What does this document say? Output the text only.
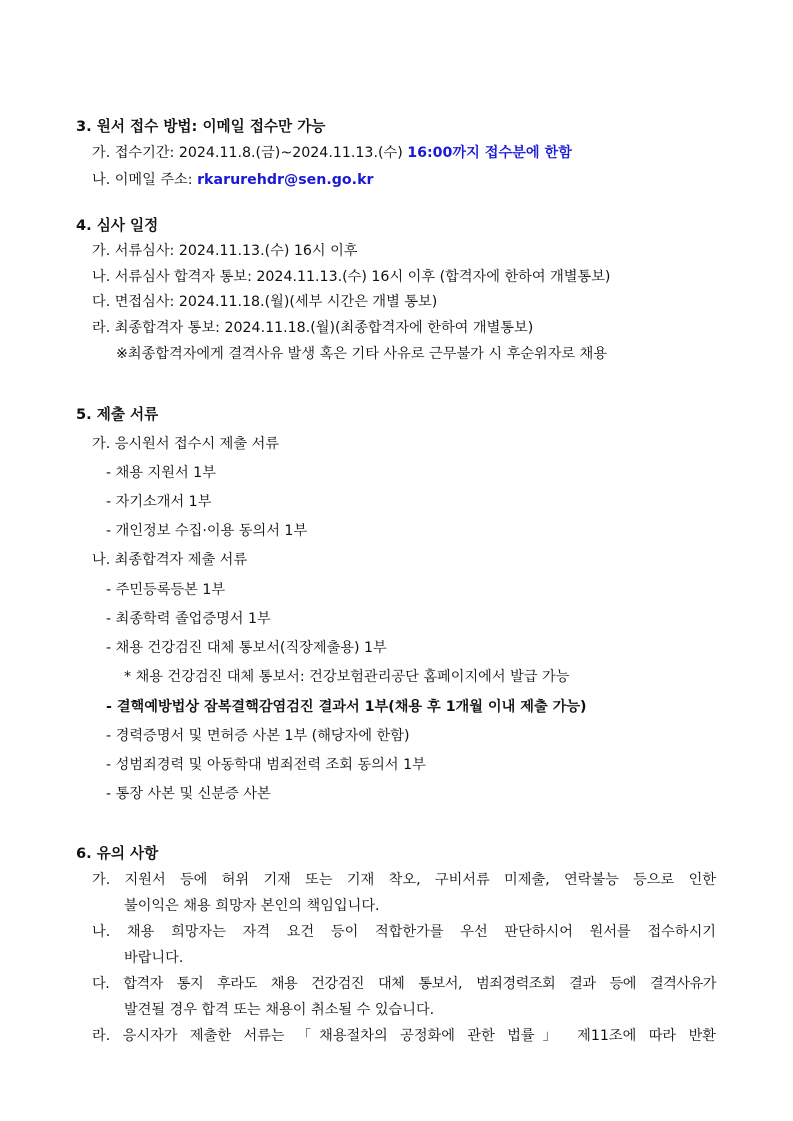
3. 원서 접수 방법: 이메일 접수만 가능
가. 접수기간: 2024.11.8.(금)~2024.11.13.(수) 16:00까지 접수분에 한함
나. 이메일 주소: rkarurehdr@sen.go.kr
4. 심사 일정
가. 서류심사: 2024.11.13.(수) 16시 이후
나. 서류심사 합격자 통보: 2024.11.13.(수) 16시 이후 (합격자에 한하여 개별통보)
다. 면접심사: 2024.11.18.(월)(세부 시간은 개별 통보)
라. 최종합격자 통보: 2024.11.18.(월)(최종합격자에 한하여 개별통보)
※최종합격자에게 결격사유 발생 혹은 기타 사유로 근무불가 시 후순위자로 채용
5. 제출 서류
가. 응시원서 접수시 제출 서류
- 채용 지원서 1부
- 자기소개서 1부
- 개인정보 수집·이용 동의서 1부
나. 최종합격자 제출 서류
- 주민등록등본 1부
- 최종학력 졸업증명서 1부
- 채용 건강검진 대체 통보서(직장제출용) 1부
* 채용 건강검진 대체 통보서: 건강보험관리공단 홈페이지에서 발급 가능
- 결핵예방법상 잠복결핵감염검진 결과서 1부(채용 후 1개월 이내 제출 가능)
- 경력증명서 및 면허증 사본 1부 (해당자에 한함)
- 성범죄경력 및 아동학대 범죄전력 조회 동의서 1부
- 통장 사본 및 신분증 사본
6. 유의 사항
가. 지원서 등에 허위 기재 또는 기재 착오, 구비서류 미제출, 연락불능 등으로 인한
불이익은 채용 희망자 본인의 책임입니다.
나. 채용 희망자는 자격 요건 등이 적합한가를 우선 판단하시어 원서를 접수하시기
바랍니다.
다. 합격자 통지 후라도 채용 건강검진 대체 통보서, 범죄경력조회 결과 등에 결격사유가
발견될 경우 합격 또는 채용이 취소될 수 있습니다.
라. 응시자가 제출한 서류는 「채용절차의 공정화에 관한 법률」 제11조에 따라 반환
